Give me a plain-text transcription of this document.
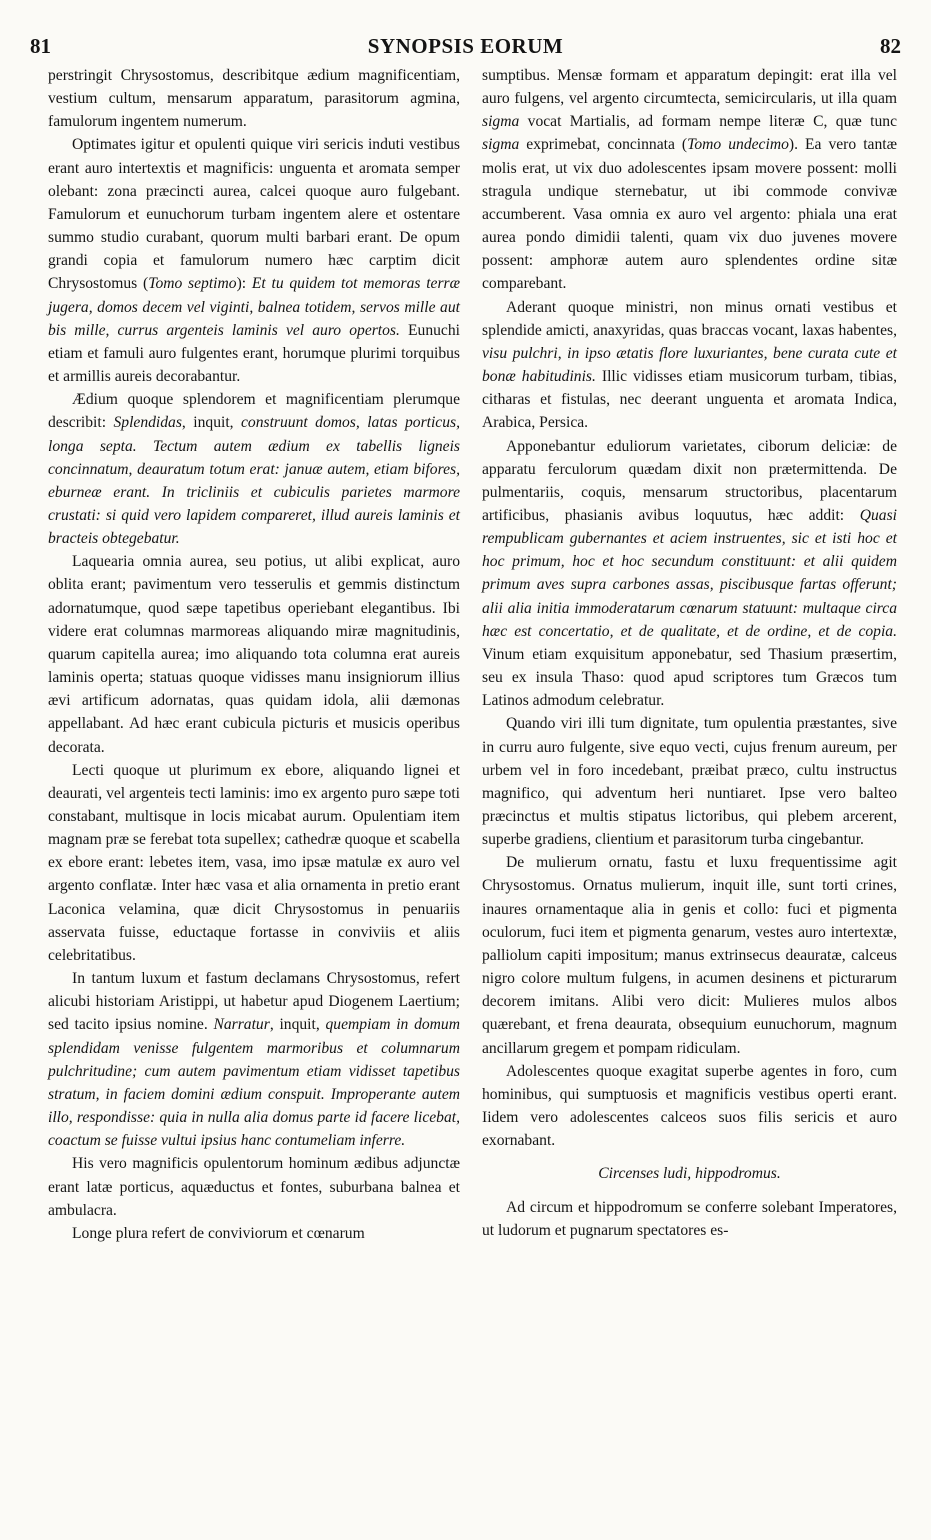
81	SYNOPSIS EORUM	82

perstringit Chrysostomus, describitque ædium magnificentiam, vestium cultum, mensarum apparatum, parasitorum agmina, famulorum ingentem numerum.

Optimates igitur et opulenti quique viri sericis induti vestibus erant auro intertextis et magnificis: unguenta et aromata semper olebant: zona præcincti aurea, calcei quoque auro fulgebant. Famulorum et eunuchorum turbam ingentem alere et ostentare summo studio curabant, quorum multi barbari erant. De opum grandi copia et famulorum numero hæc carptim dicit Chrysostomus (Tomo septimo): Et tu quidem tot memoras terræ jugera, domos decem vel viginti, balnea totidem, servos mille aut bis mille, currus argenteis laminis vel auro opertos. Eunuchi etiam et famuli auro fulgentes erant, horumque plurimi torquibus et armillis aureis decorabantur.

Ædium quoque splendorem et magnificentiam plerumque describit: Splendidas, inquit, construunt domos, latas porticus, longa septa. Tectum autem ædium ex tabellis ligneis concinnatum, deauratum totum erat: januæ autem, etiam bifores, eburneæ erant. In tricliniis et cubiculis parietes marmore crustati: si quid vero lapidem compareret, illud aureis laminis et bracteis obtegebatur.

Laquearia omnia aurea, seu potius, ut alibi explicat, auro oblita erant; pavimentum vero tesserulis et gemmis distinctum adornatumque, quod sæpe tapetibus operiebant elegantibus. Ibi videre erat columnas marmoreas aliquando miræ magnitudinis, quarum capitella aurea; imo aliquando tota columna erat aureis laminis operta; statuas quoque vidisses manu insigniorum illius ævi artificum adornatas, quas quidam idola, alii dæmonas appellabant. Ad hæc erant cubicula picturis et musicis operibus decorata.

Lecti quoque ut plurimum ex ebore, aliquando lignei et deaurati, vel argenteis tecti laminis: imo ex argento puro sæpe toti constabant, multisque in locis micabat aurum. Opulentiam item magnam præ se ferebat tota supellex; cathedræ quoque et scabella ex ebore erant: lebetes item, vasa, imo ipsæ matulæ ex auro vel argento conflatæ. Inter hæc vasa et alia ornamenta in pretio erant Laconica velamina, quæ dicit Chrysostomus in penuariis asservata fuisse, eductaque fortasse in conviviis et aliis celebritatibus.

In tantum luxum et fastum declamans Chrysostomus, refert alicubi historiam Aristippi, ut habetur apud Diogenem Laertium; sed tacito ipsius nomine. Narratur, inquit, quempiam in domum splendidam venisse fulgentem marmoribus et columnarum pulchritudine; cum autem pavimentum etiam vidisset tapetibus stratum, in faciem domini ædium conspuit. Improperante autem illo, respondisse: quia in nulla alia domus parte id facere licebat, coactum se fuisse vultui ipsius hanc contumeliam inferre.

His vero magnificis opulentorum hominum ædibus adjunctæ erant latæ porticus, aquæductus et fontes, suburbana balnea et ambulacra.

Longe plura refert de conviviorum et cœnarum

sumptibus. Mensæ formam et apparatum depingit: erat illa vel auro fulgens, vel argento circumtecta, semicircularis, ut illa quam sigma vocat Martialis, ad formam nempe literæ C, quæ tunc sigma exprimebat, concinnata (Tomo undecimo). Ea vero tantæ molis erat, ut vix duo adolescentes ipsam movere possent: molli stragula undique sternebatur, ut ibi commode convivæ accumberent. Vasa omnia ex auro vel argento: phiala una erat aurea pondo dimidii talenti, quam vix duo juvenes movere possent: amphoræ autem auro splendentes ordine sitæ comparebant.

Aderant quoque ministri, non minus ornati vestibus et splendide amicti, anaxyridas, quas braccas vocant, laxas habentes, visu pulchri, in ipso ætatis flore luxuriantes, bene curata cute et bonæ habitudinis. Illic vidisses etiam musicorum turbam, tibias, citharas et fistulas, nec deerant unguenta et aromata Indica, Arabica, Persica.

Apponebantur eduliorum varietates, ciborum deliciæ: de apparatu ferculorum quædam dixit non prætermittenda. De pulmentariis, coquis, mensarum structoribus, placentarum artificibus, phasianis avibus loquutus, hæc addit: Quasi rempublicam gubernantes et aciem instruentes, sic et isti hoc et hoc primum, hoc et hoc secundum constituunt: et alii quidem primum aves supra carbones assas, piscibusque fartas offerunt; alii alia initia immoderatarum cœnarum statuunt: multaque circa hæc est concertatio, et de qualitate, et de ordine, et de copia. Vinum etiam exquisitum apponebatur, sed Thasium præsertim, seu ex insula Thaso: quod apud scriptores tum Græcos tum Latinos admodum celebratur.

Quando viri illi tum dignitate, tum opulentia præstantes, sive in curru auro fulgente, sive equo vecti, cujus frenum aureum, per urbem vel in foro incedebant, præibat præco, cultu instructus magnifico, qui adventum heri nuntiaret. Ipse vero balteo præcinctus et multis stipatus lictoribus, qui plebem arcerent, superbe gradiens, clientium et parasitorum turba cingebantur.

De mulierum ornatu, fastu et luxu frequentissime agit Chrysostomus. Ornatus mulierum, inquit ille, sunt torti crines, inaures ornamentaque alia in genis et collo: fuci et pigmenta oculorum, fuci item et pigmenta genarum, vestes auro intertextæ, palliolum capiti impositum; manus extrinsecus deauratæ, calceus nigro colore multum fulgens, in acumen desinens et picturarum decorem imitans. Alibi vero dicit: Mulieres mulos albos quærebant, et frena deaurata, obsequium eunuchorum, magnum ancillarum gregem et pompam ridiculam.

Adolescentes quoque exagitat superbe agentes in foro, cum hominibus, qui sumptuosis et magnificis vestibus operti erant. Iidem vero adolescentes calceos suos filis sericis et auro exornabant.

Circenses ludi, hippodromus.

Ad circum et hippodromum se conferre solebant Imperatores, ut ludorum et pugnarum spectatores es-
